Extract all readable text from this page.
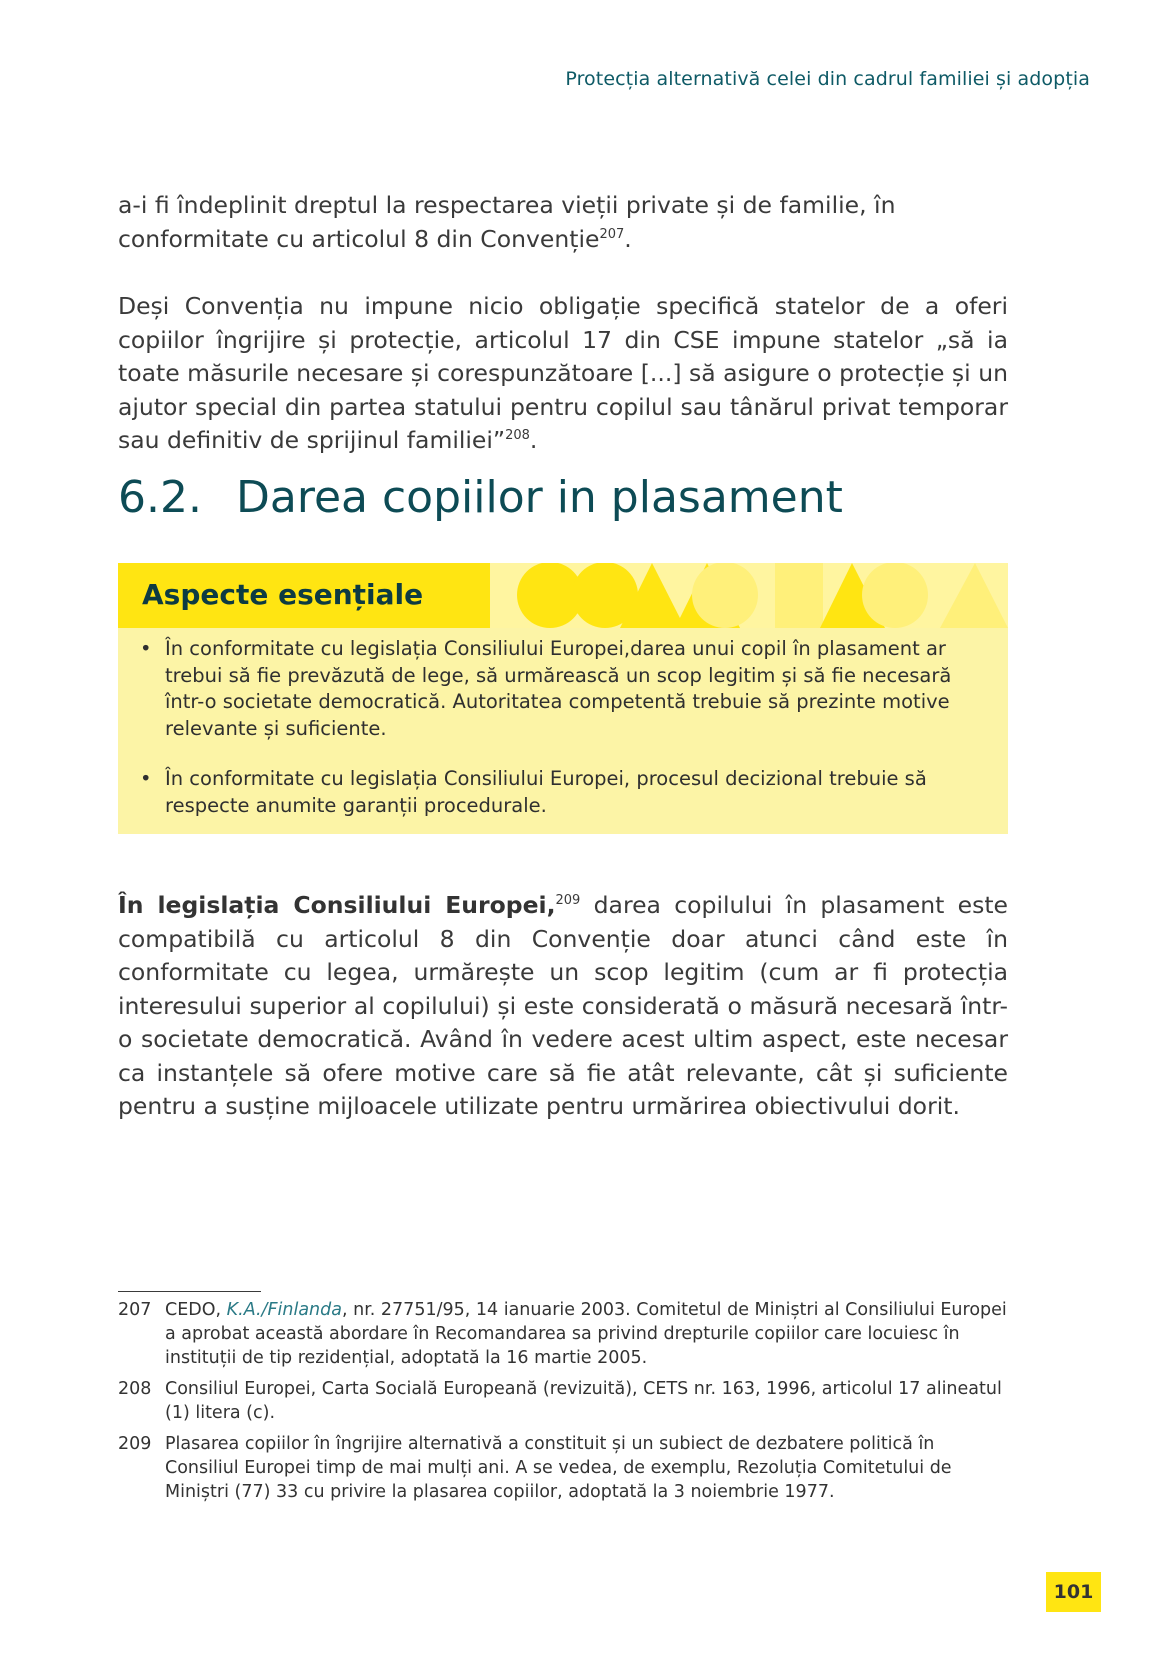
Protecția alternativă celei din cadrul familiei și adopția

a-i fi îndeplinit dreptul la respectarea vieții private și de familie, în conformitate cu articolul 8 din Convenție$^{207}$.

Deși Convenția nu impune nicio obligație specifică statelor de a oferi copiilor îngrijire și protecție, articolul 17 din CSE impune statelor „să ia toate măsurile necesare și corespunzătoare [...] să asigure o protecție și un ajutor special din partea statului pentru copilul sau tânărul privat temporar sau definitiv de sprijinul familiei”$^{208}$.

6.2. Darea copiilor in plasament
Aspecte esențiale
• În conformitate cu legislația Consiliului Europei,darea unui copil în plasament ar trebui să fie prevăzută de lege, să urmărească un scop legitim și să fie necesară într-o societate democratică. Autoritatea competentă trebuie să prezinte motive relevante și suficiente.
• În conformitate cu legislația Consiliului Europei, procesul decizional trebuie să respecte anumite garanții procedurale.

În legislația Consiliului Europei,$^{209}$ darea copilului în plasament este compatibilă cu articolul 8 din Convenție doar atunci când este în conformitate cu legea, urmărește un scop legitim (cum ar fi protecția interesului superior al copilului) și este considerată o măsură necesară într-o societate democratică. Având în vedere acest ultim aspect, este necesar ca instanțele să ofere motive care să fie atât relevante, cât și suficiente pentru a susține mijloacele utilizate pentru urmărirea obiectivului dorit.

207 CEDO, K.A./Finlanda, nr. 27751/95, 14 ianuarie 2003. Comitetul de Miniștri al Consiliului Europei a aprobat această abordare în Recomandarea sa privind drepturile copiilor care locuiesc în instituții de tip rezidențial, adoptată la 16 martie 2005.
208 Consiliul Europei, Carta Socială Europeană (revizuită), CETS nr. 163, 1996, articolul 17 alineatul (1) litera (c).
209 Plasarea copiilor în îngrijire alternativă a constituit și un subiect de dezbatere politică în Consiliul Europei timp de mai mulți ani. A se vedea, de exemplu, Rezoluția Comitetului de Miniștri (77) 33 cu privire la plasarea copiilor, adoptată la 3 noiembrie 1977.
101
